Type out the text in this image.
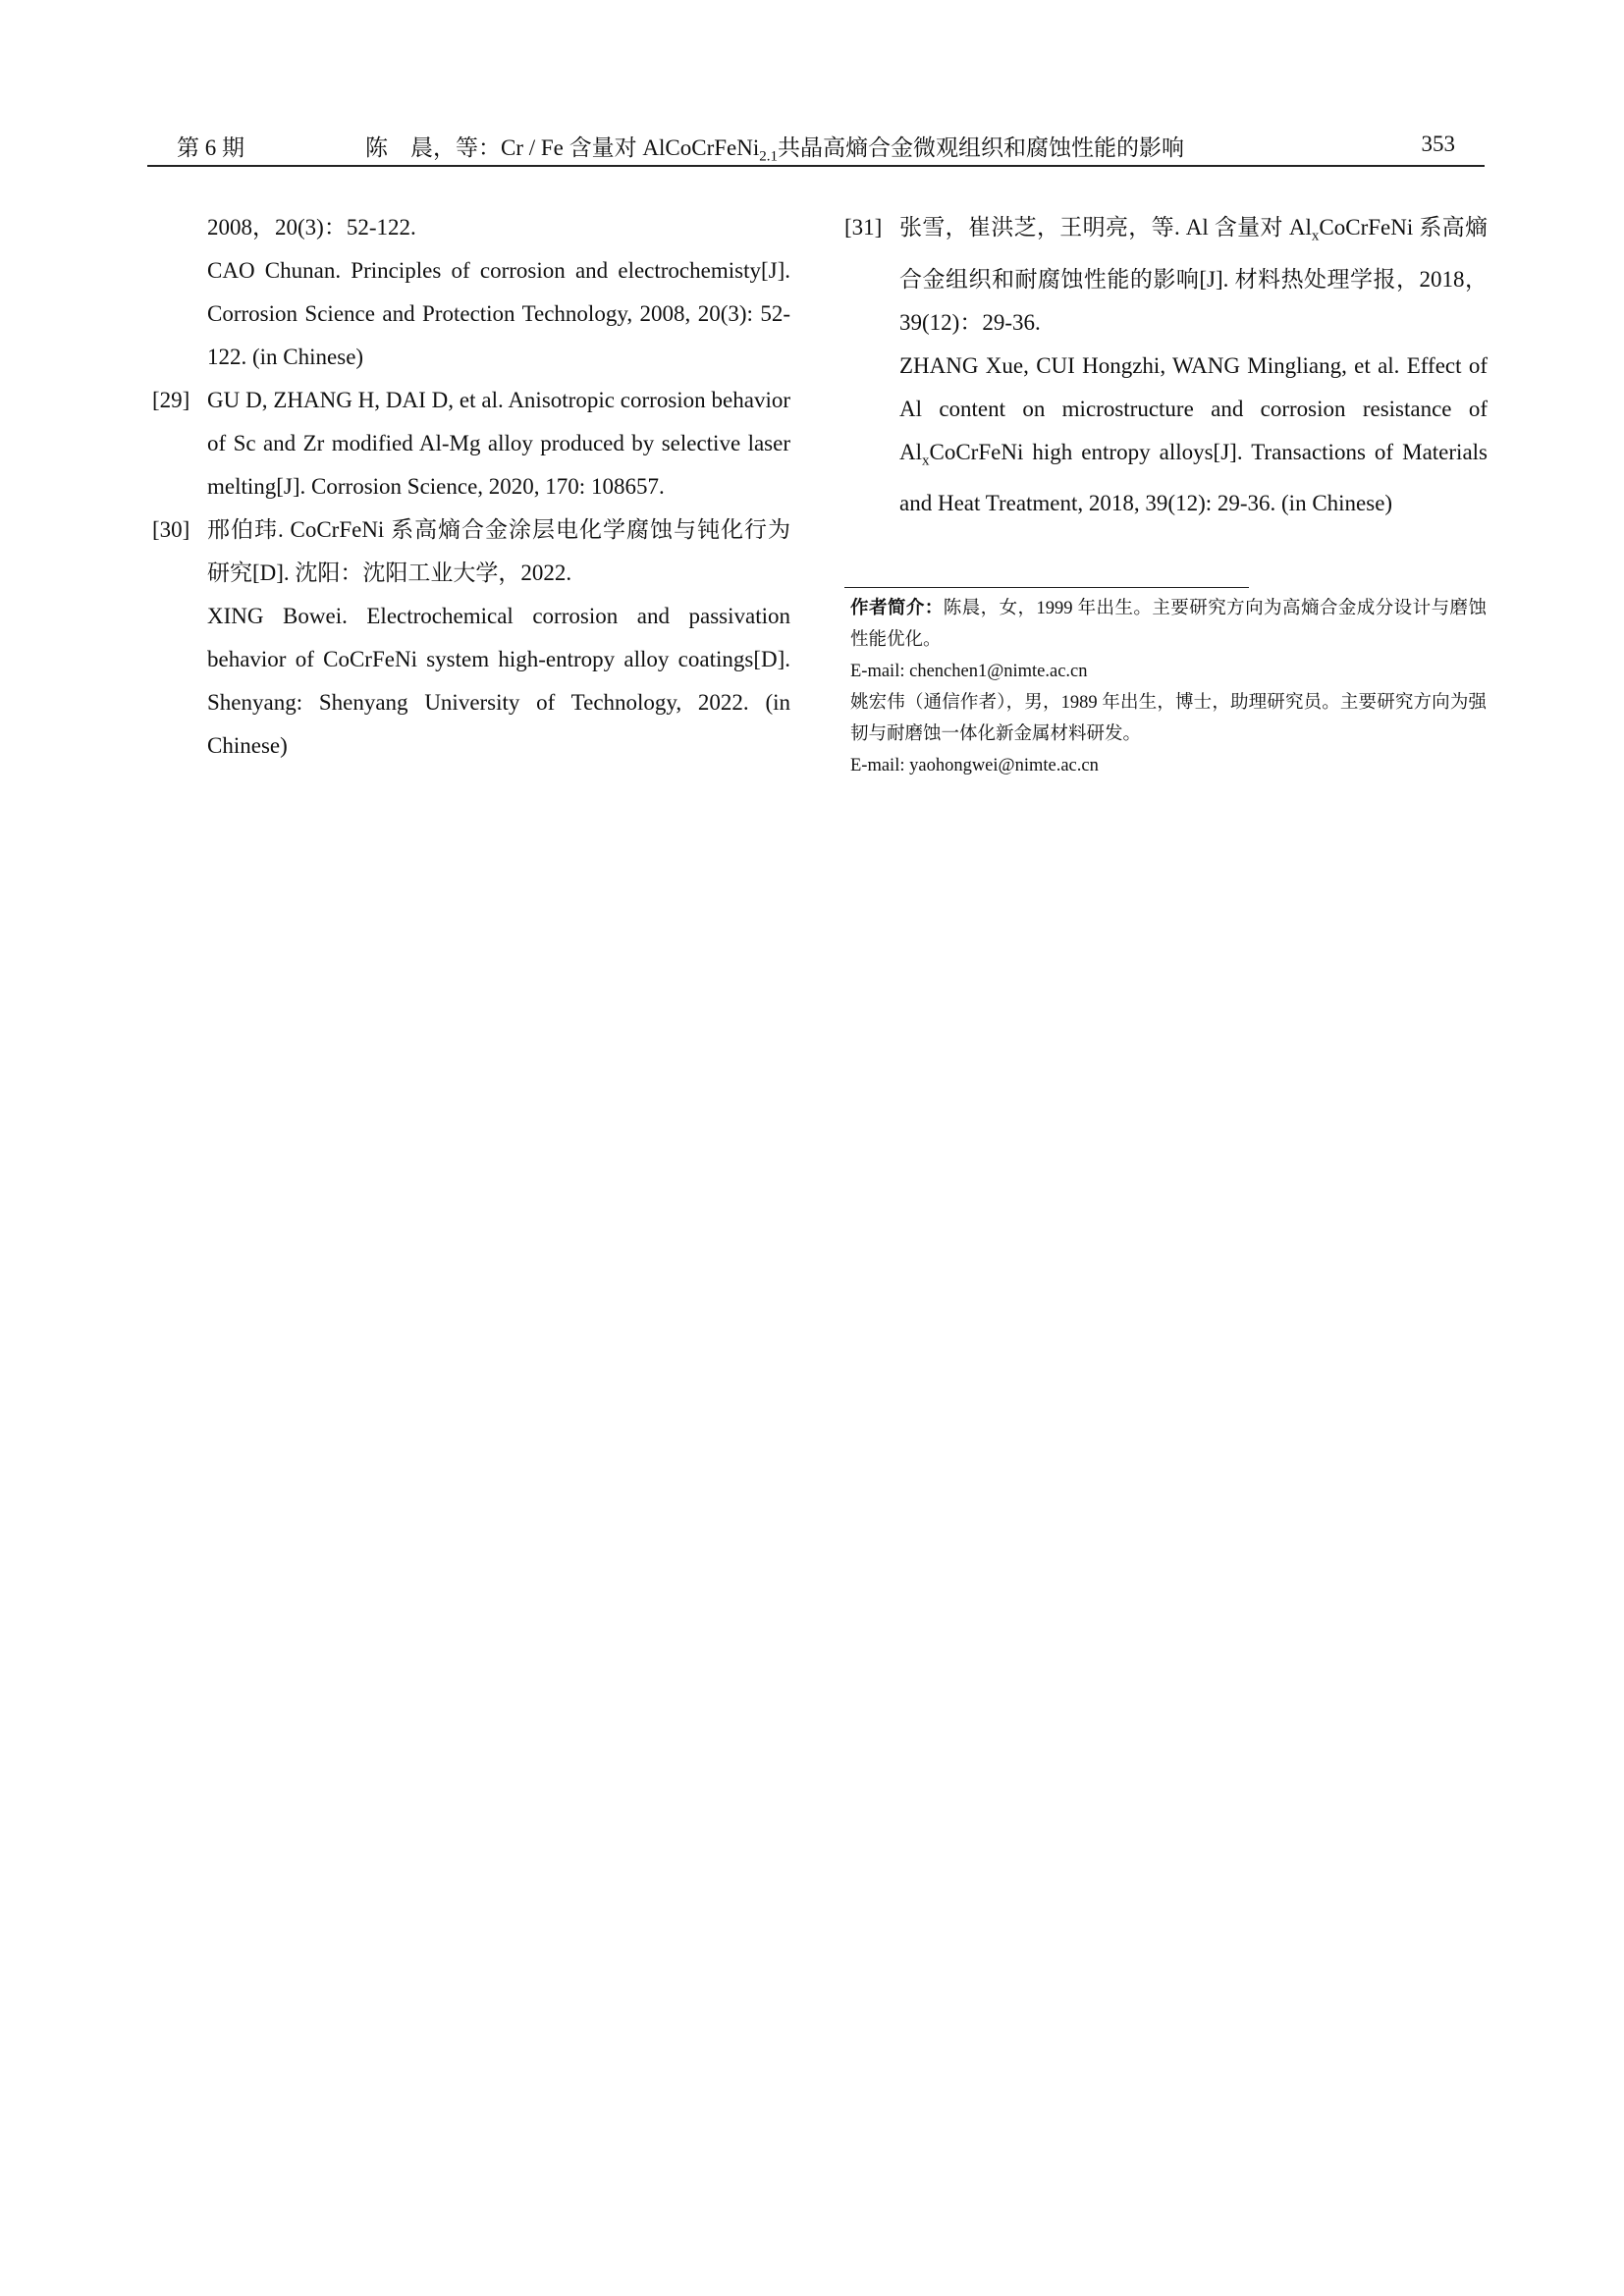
第 6 期	陈　晨，等：Cr / Fe 含量对 AlCoCrFeNi$_{2.1}$共晶高熵合金微观组织和腐蚀性能的影响	353

2008，20(3)：52-122.

CAO Chunan. Principles of corrosion and electrochemisty[J]. Corrosion Science and Protection Technology, 2008, 20(3): 52-122. (in Chinese)

[29] GU D, ZHANG H, DAI D, et al. Anisotropic corrosion behavior of Sc and Zr modified Al-Mg alloy produced by selective laser melting[J]. Corrosion Science, 2020, 170: 108657.

[30] 邢伯玮. CoCrFeNi 系高熵合金涂层电化学腐蚀与钝化行为研究[D]. 沈阳：沈阳工业大学，2022.

XING Bowei. Electrochemical corrosion and passivation behavior of CoCrFeNi system high-entropy alloy coatings[D]. Shenyang: Shenyang University of Technology, 2022. (in Chinese)

[31] 张雪，崔洪芝，王明亮，等. Al 含量对 $Al_xCoCrFeNi$ 系高熵合金组织和耐腐蚀性能的影响[J]. 材料热处理学报，2018，39(12)：29-36.

ZHANG Xue, CUI Hongzhi, WANG Mingliang, et al. Effect of Al content on microstructure and corrosion resistance of $Al_xCoCrFeNi$ high entropy alloys[J]. Transactions of Materials and Heat Treatment, 2018, 39(12): 29-36. (in Chinese)

作者简介：陈晨，女，1999 年出生。主要研究方向为高熵合金成分设计与磨蚀性能优化。

E-mail: chenchen1@nimte.ac.cn

姚宏伟（通信作者），男，1989 年出生，博士，助理研究员。主要研究方向为强韧与耐磨蚀一体化新金属材料研发。

E-mail: yaohongwei@nimte.ac.cn
